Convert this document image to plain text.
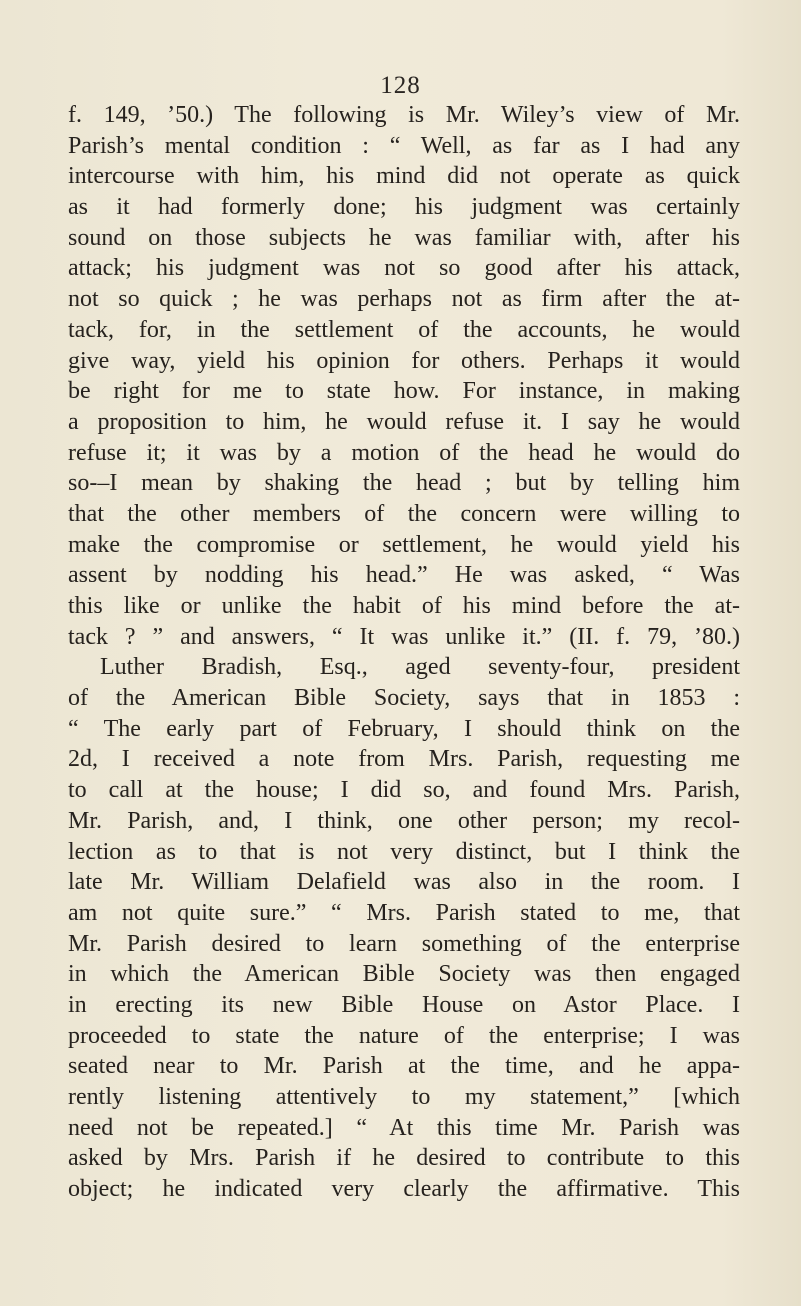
128
f. 149, ’50.) The following is Mr. Wiley’s view of Mr.
Parish’s mental condition : “ Well, as far as I had any
intercourse with him, his mind did not operate as quick
as it had formerly done; his judgment was certainly
sound on those subjects he was familiar with, after his
attack; his judgment was not so good after his attack,
not so quick ; he was perhaps not as firm after the at-
tack, for, in the settlement of the accounts, he would
give way, yield his opinion for others. Perhaps it would
be right for me to state how. For instance, in making
a proposition to him, he would refuse it. I say he would
refuse it; it was by a motion of the head he would do
so-–I mean by shaking the head ; but by telling him
that the other members of the concern were willing to
make the compromise or settlement, he would yield his
assent by nodding his head.” He was asked, “ Was
this like or unlike the habit of his mind before the at-
tack ? ” and answers, “ It was unlike it.” (II. f. 79, ’80.)
Luther Bradish, Esq., aged seventy-four, president
of the American Bible Society, says that in 1853 :
“ The early part of February, I should think on the
2d, I received a note from Mrs. Parish, requesting me
to call at the house; I did so, and found Mrs. Parish,
Mr. Parish, and, I think, one other person; my recol-
lection as to that is not very distinct, but I think the
late Mr. William Delafield was also in the room. I
am not quite sure.” “ Mrs. Parish stated to me, that
Mr. Parish desired to learn something of the enterprise
in which the American Bible Society was then engaged
in erecting its new Bible House on Astor Place. I
proceeded to state the nature of the enterprise; I was
seated near to Mr. Parish at the time, and he appa-
rently listening attentively to my statement,” [which
need not be repeated.] “ At this time Mr. Parish was
asked by Mrs. Parish if he desired to contribute to this
object; he indicated very clearly the affirmative. This
